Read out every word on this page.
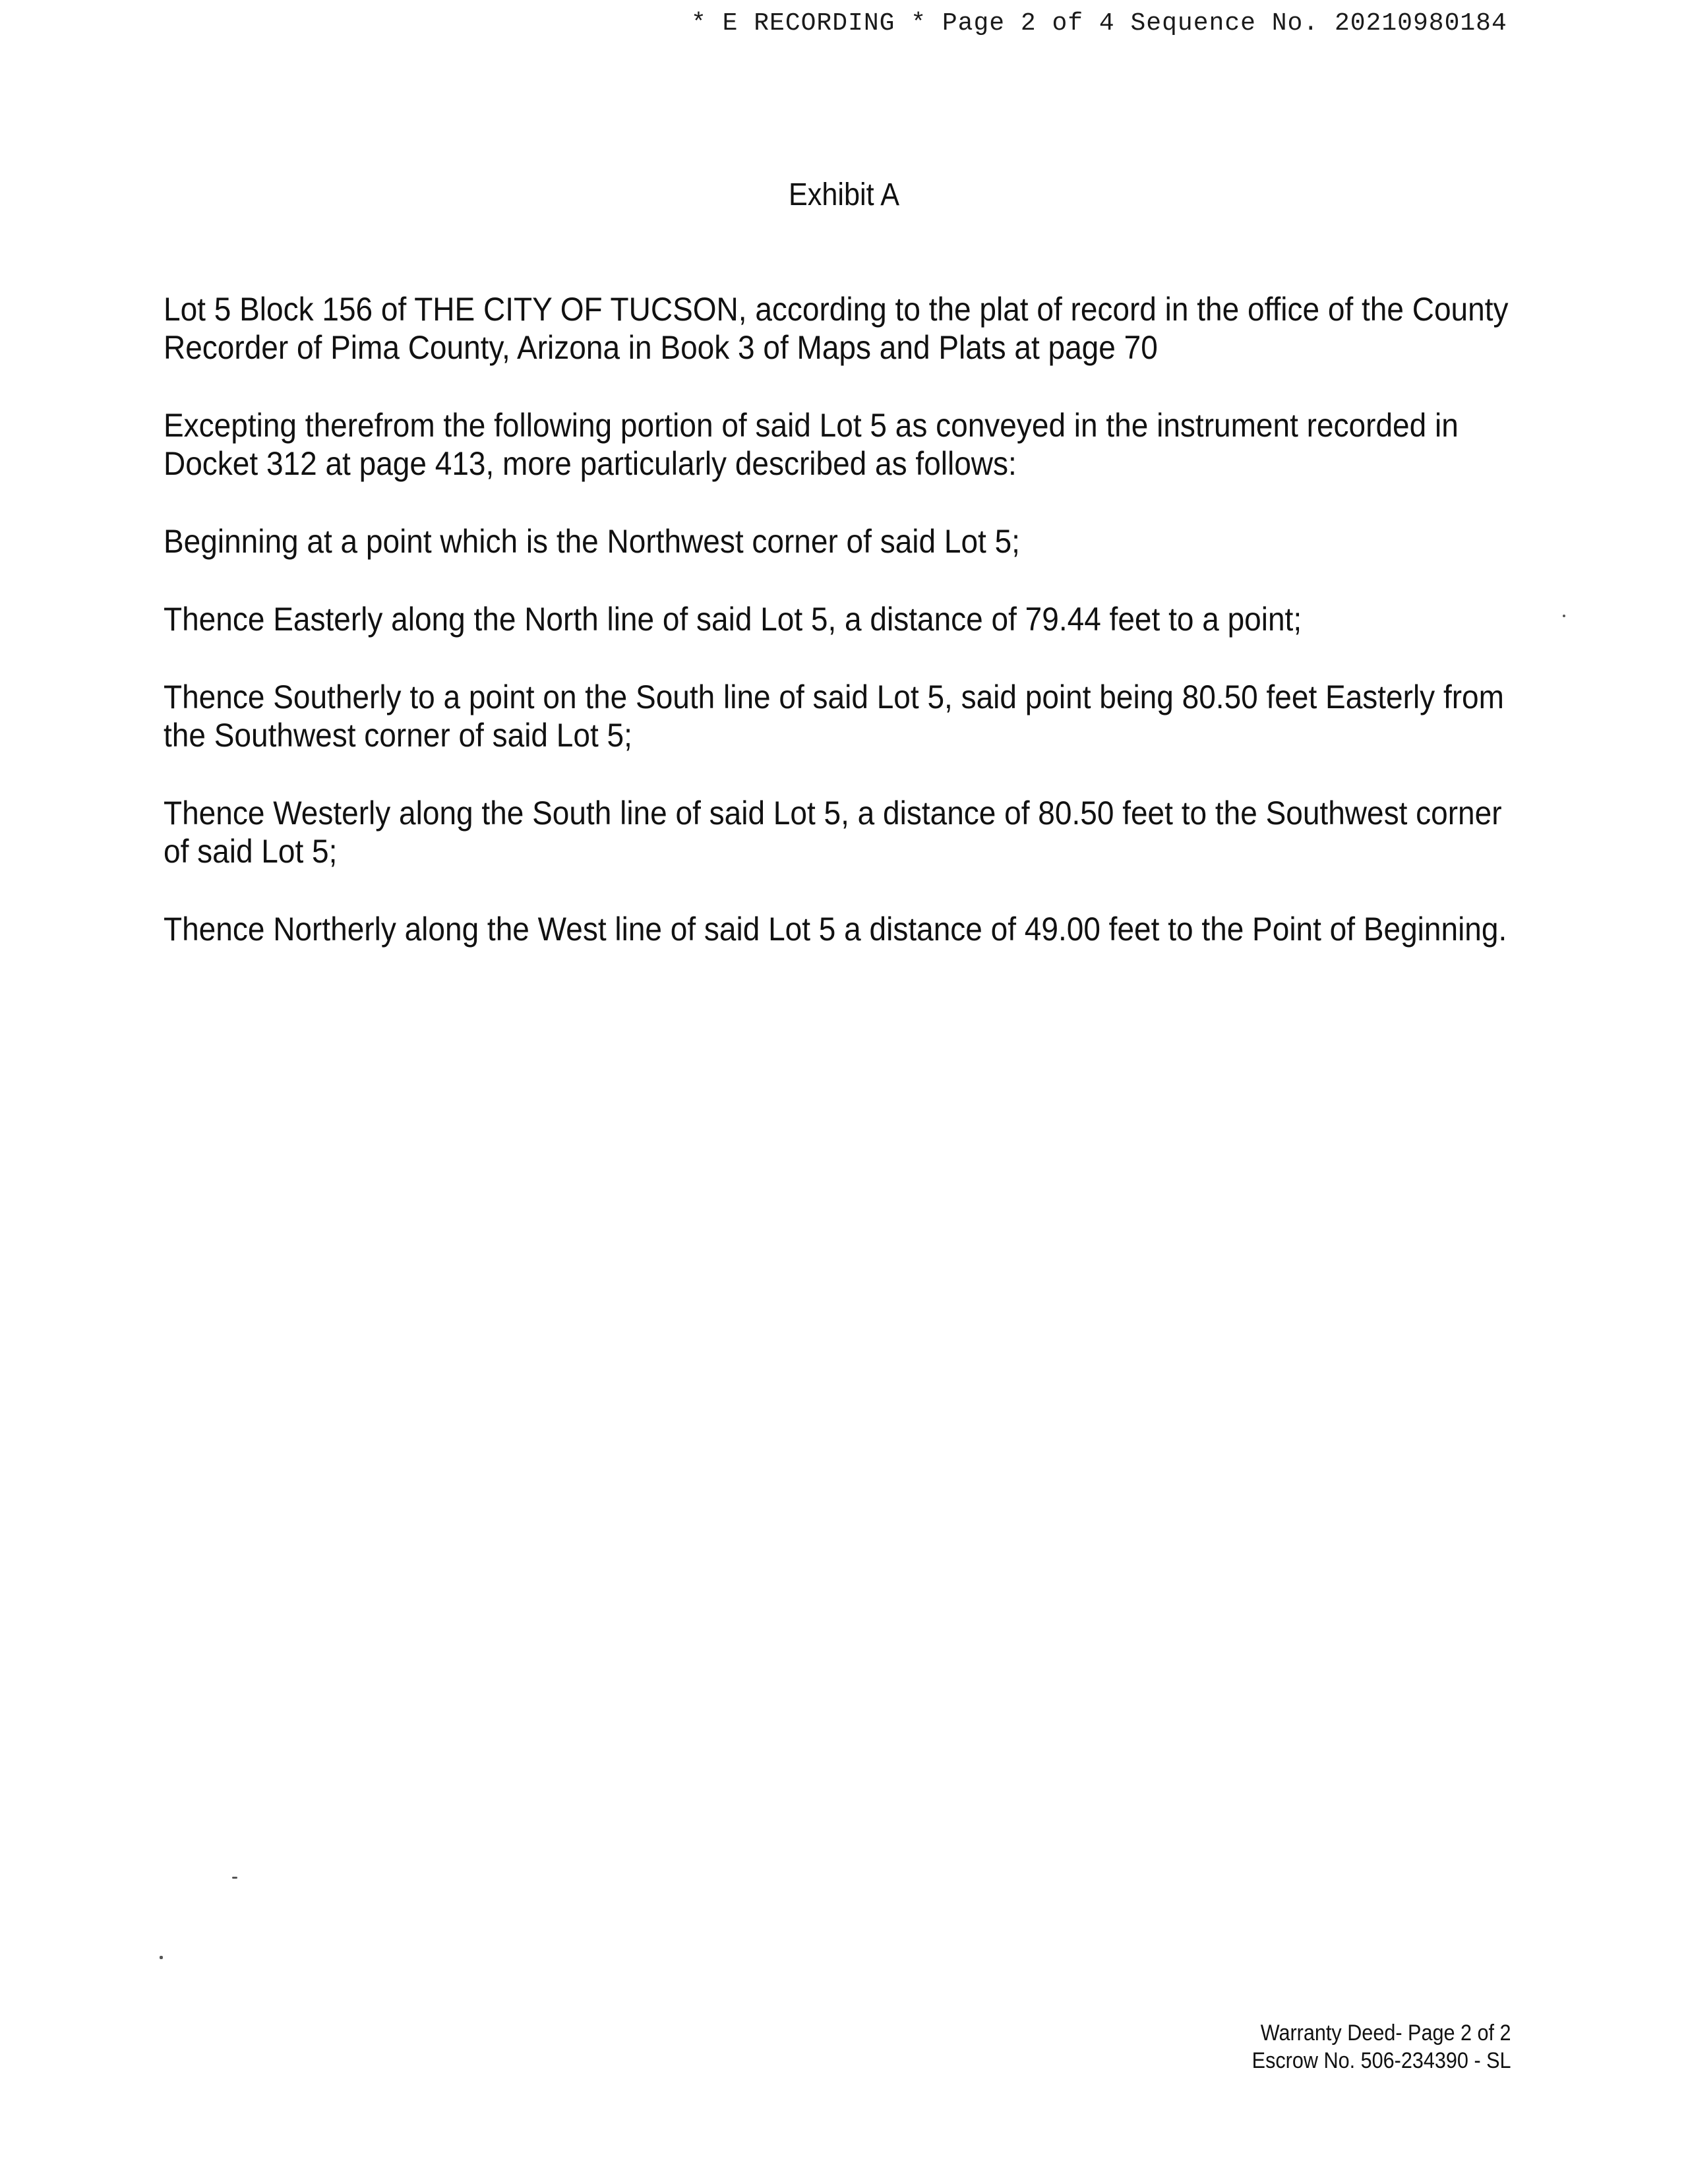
* E RECORDING * Page 2 of 4 Sequence No. 20210980184
Exhibit A

Lot 5 Block 156 of THE CITY OF TUCSON, according to the plat of record in the office of the County Recorder of Pima County, Arizona in Book 3 of Maps and Plats at page 70

Excepting therefrom the following portion of said Lot 5 as conveyed in the instrument recorded in Docket 312 at page 413, more particularly described as follows:

Beginning at a point which is the Northwest corner of said Lot 5;

Thence Easterly along the North line of said Lot 5, a distance of 79.44 feet to a point;

Thence Southerly to a point on the South line of said Lot 5, said point being 80.50 feet Easterly from the Southwest corner of said Lot 5;

Thence Westerly along the South line of said Lot 5, a distance of 80.50 feet to the Southwest corner of said Lot 5;

Thence Northerly along the West line of said Lot 5 a distance of 49.00 feet to the Point of Beginning.

Warranty Deed- Page 2 of 2
Escrow No. 506-234390 - SL
